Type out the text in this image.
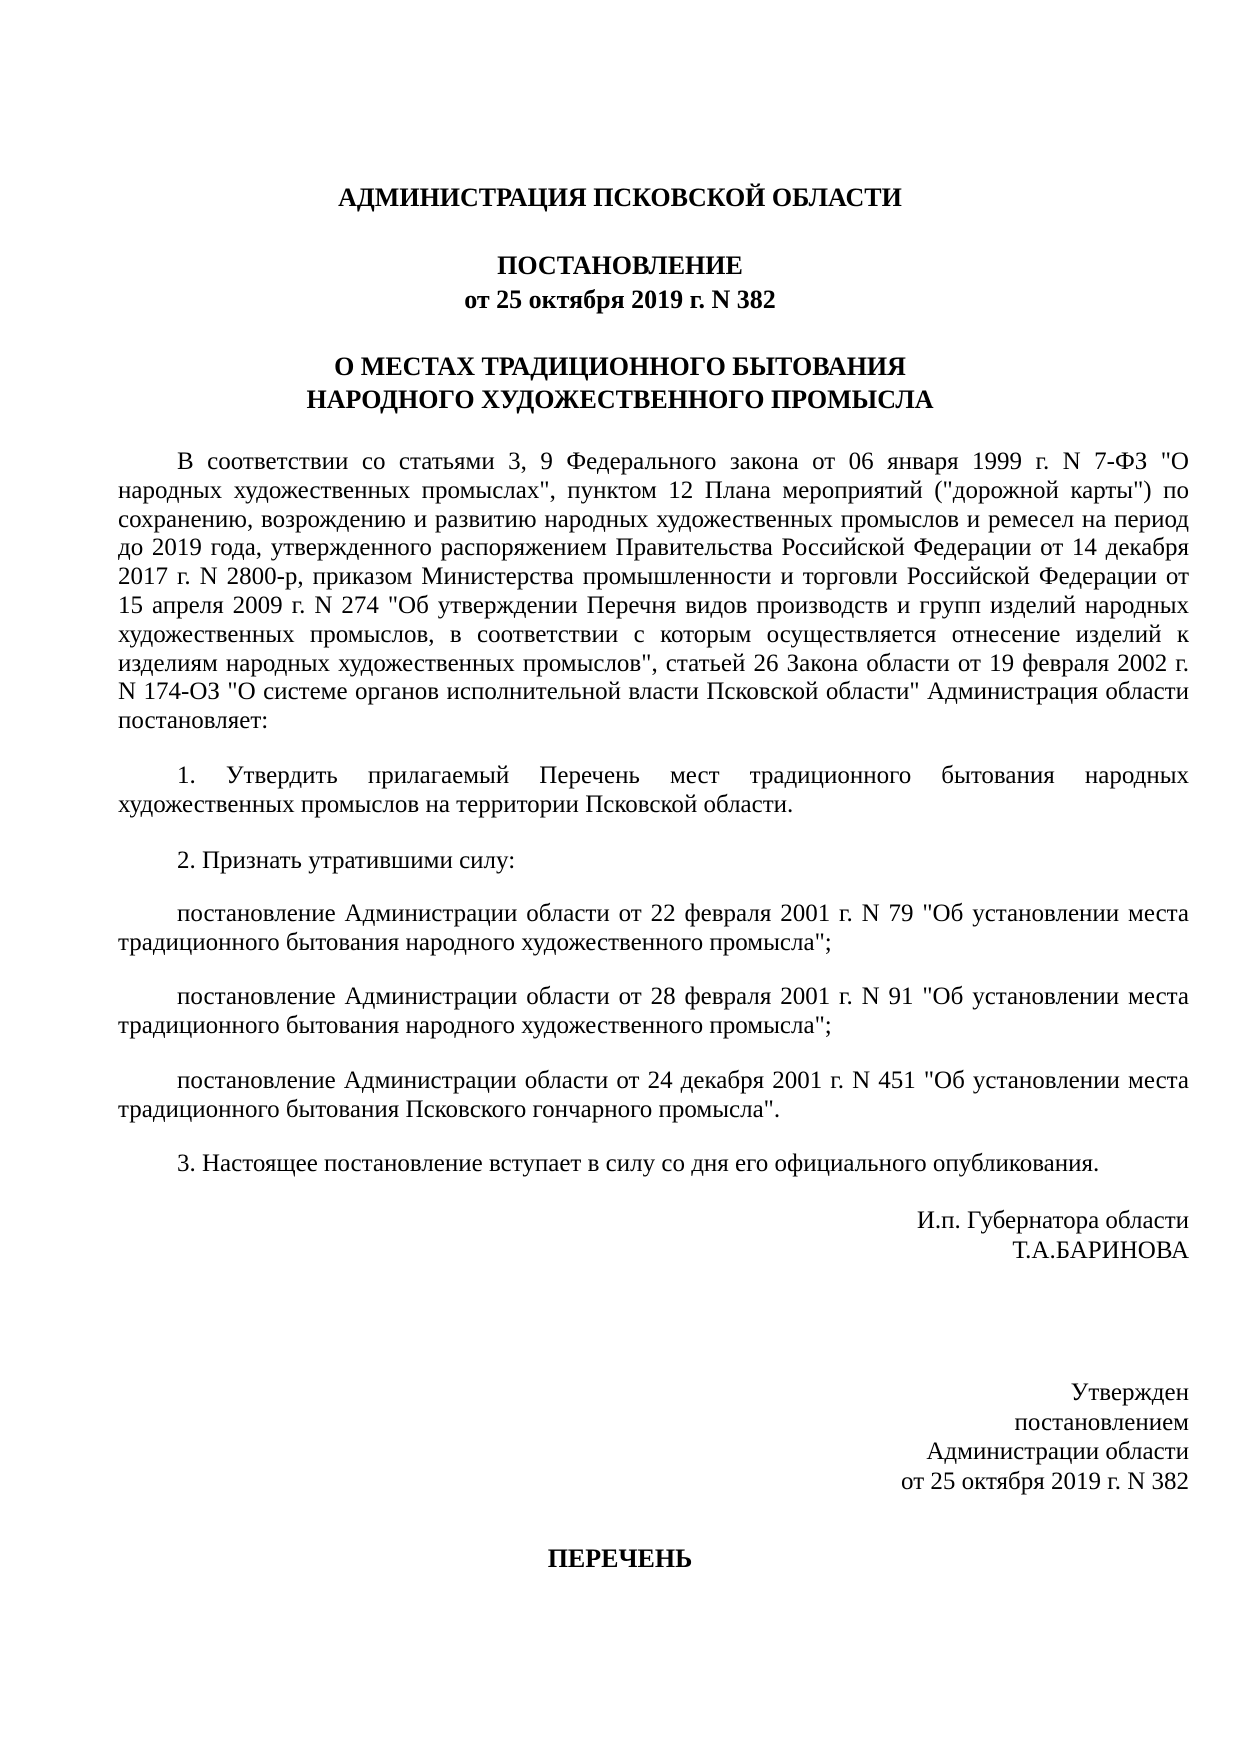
АДМИНИСТРАЦИЯ ПСКОВСКОЙ ОБЛАСТИ
ПОСТАНОВЛЕНИЕ
от 25 октября 2019 г. N 382
О МЕСТАХ ТРАДИЦИОННОГО БЫТОВАНИЯ
НАРОДНОГО ХУДОЖЕСТВЕННОГО ПРОМЫСЛА
В соответствии со статьями 3, 9 Федерального закона от 06 января 1999 г. N 7-ФЗ "О
народных художественных промыслах", пунктом 12 Плана мероприятий ("дорожной карты") по
сохранению, возрождению и развитию народных художественных промыслов и ремесел на период
до 2019 года, утвержденного распоряжением Правительства Российской Федерации от 14 декабря
2017 г. N 2800-р, приказом Министерства промышленности и торговли Российской Федерации от
15 апреля 2009 г. N 274 "Об утверждении Перечня видов производств и групп изделий народных
художественных промыслов, в соответствии с которым осуществляется отнесение изделий к
изделиям народных художественных промыслов", статьей 26 Закона области от 19 февраля 2002 г.
N 174-ОЗ "О системе органов исполнительной власти Псковской области" Администрация области
постановляет:
1. Утвердить прилагаемый Перечень мест традиционного бытования народных
художественных промыслов на территории Псковской области.
2. Признать утратившими силу:
постановление Администрации области от 22 февраля 2001 г. N 79 "Об установлении места
традиционного бытования народного художественного промысла";
постановление Администрации области от 28 февраля 2001 г. N 91 "Об установлении места
традиционного бытования народного художественного промысла";
постановление Администрации области от 24 декабря 2001 г. N 451 "Об установлении места
традиционного бытования Псковского гончарного промысла".
3. Настоящее постановление вступает в силу со дня его официального опубликования.
И.п. Губернатора области
Т.А.БАРИНОВА
Утвержден
постановлением
Администрации области
от 25 октября 2019 г. N 382
ПЕРЕЧЕНЬ
